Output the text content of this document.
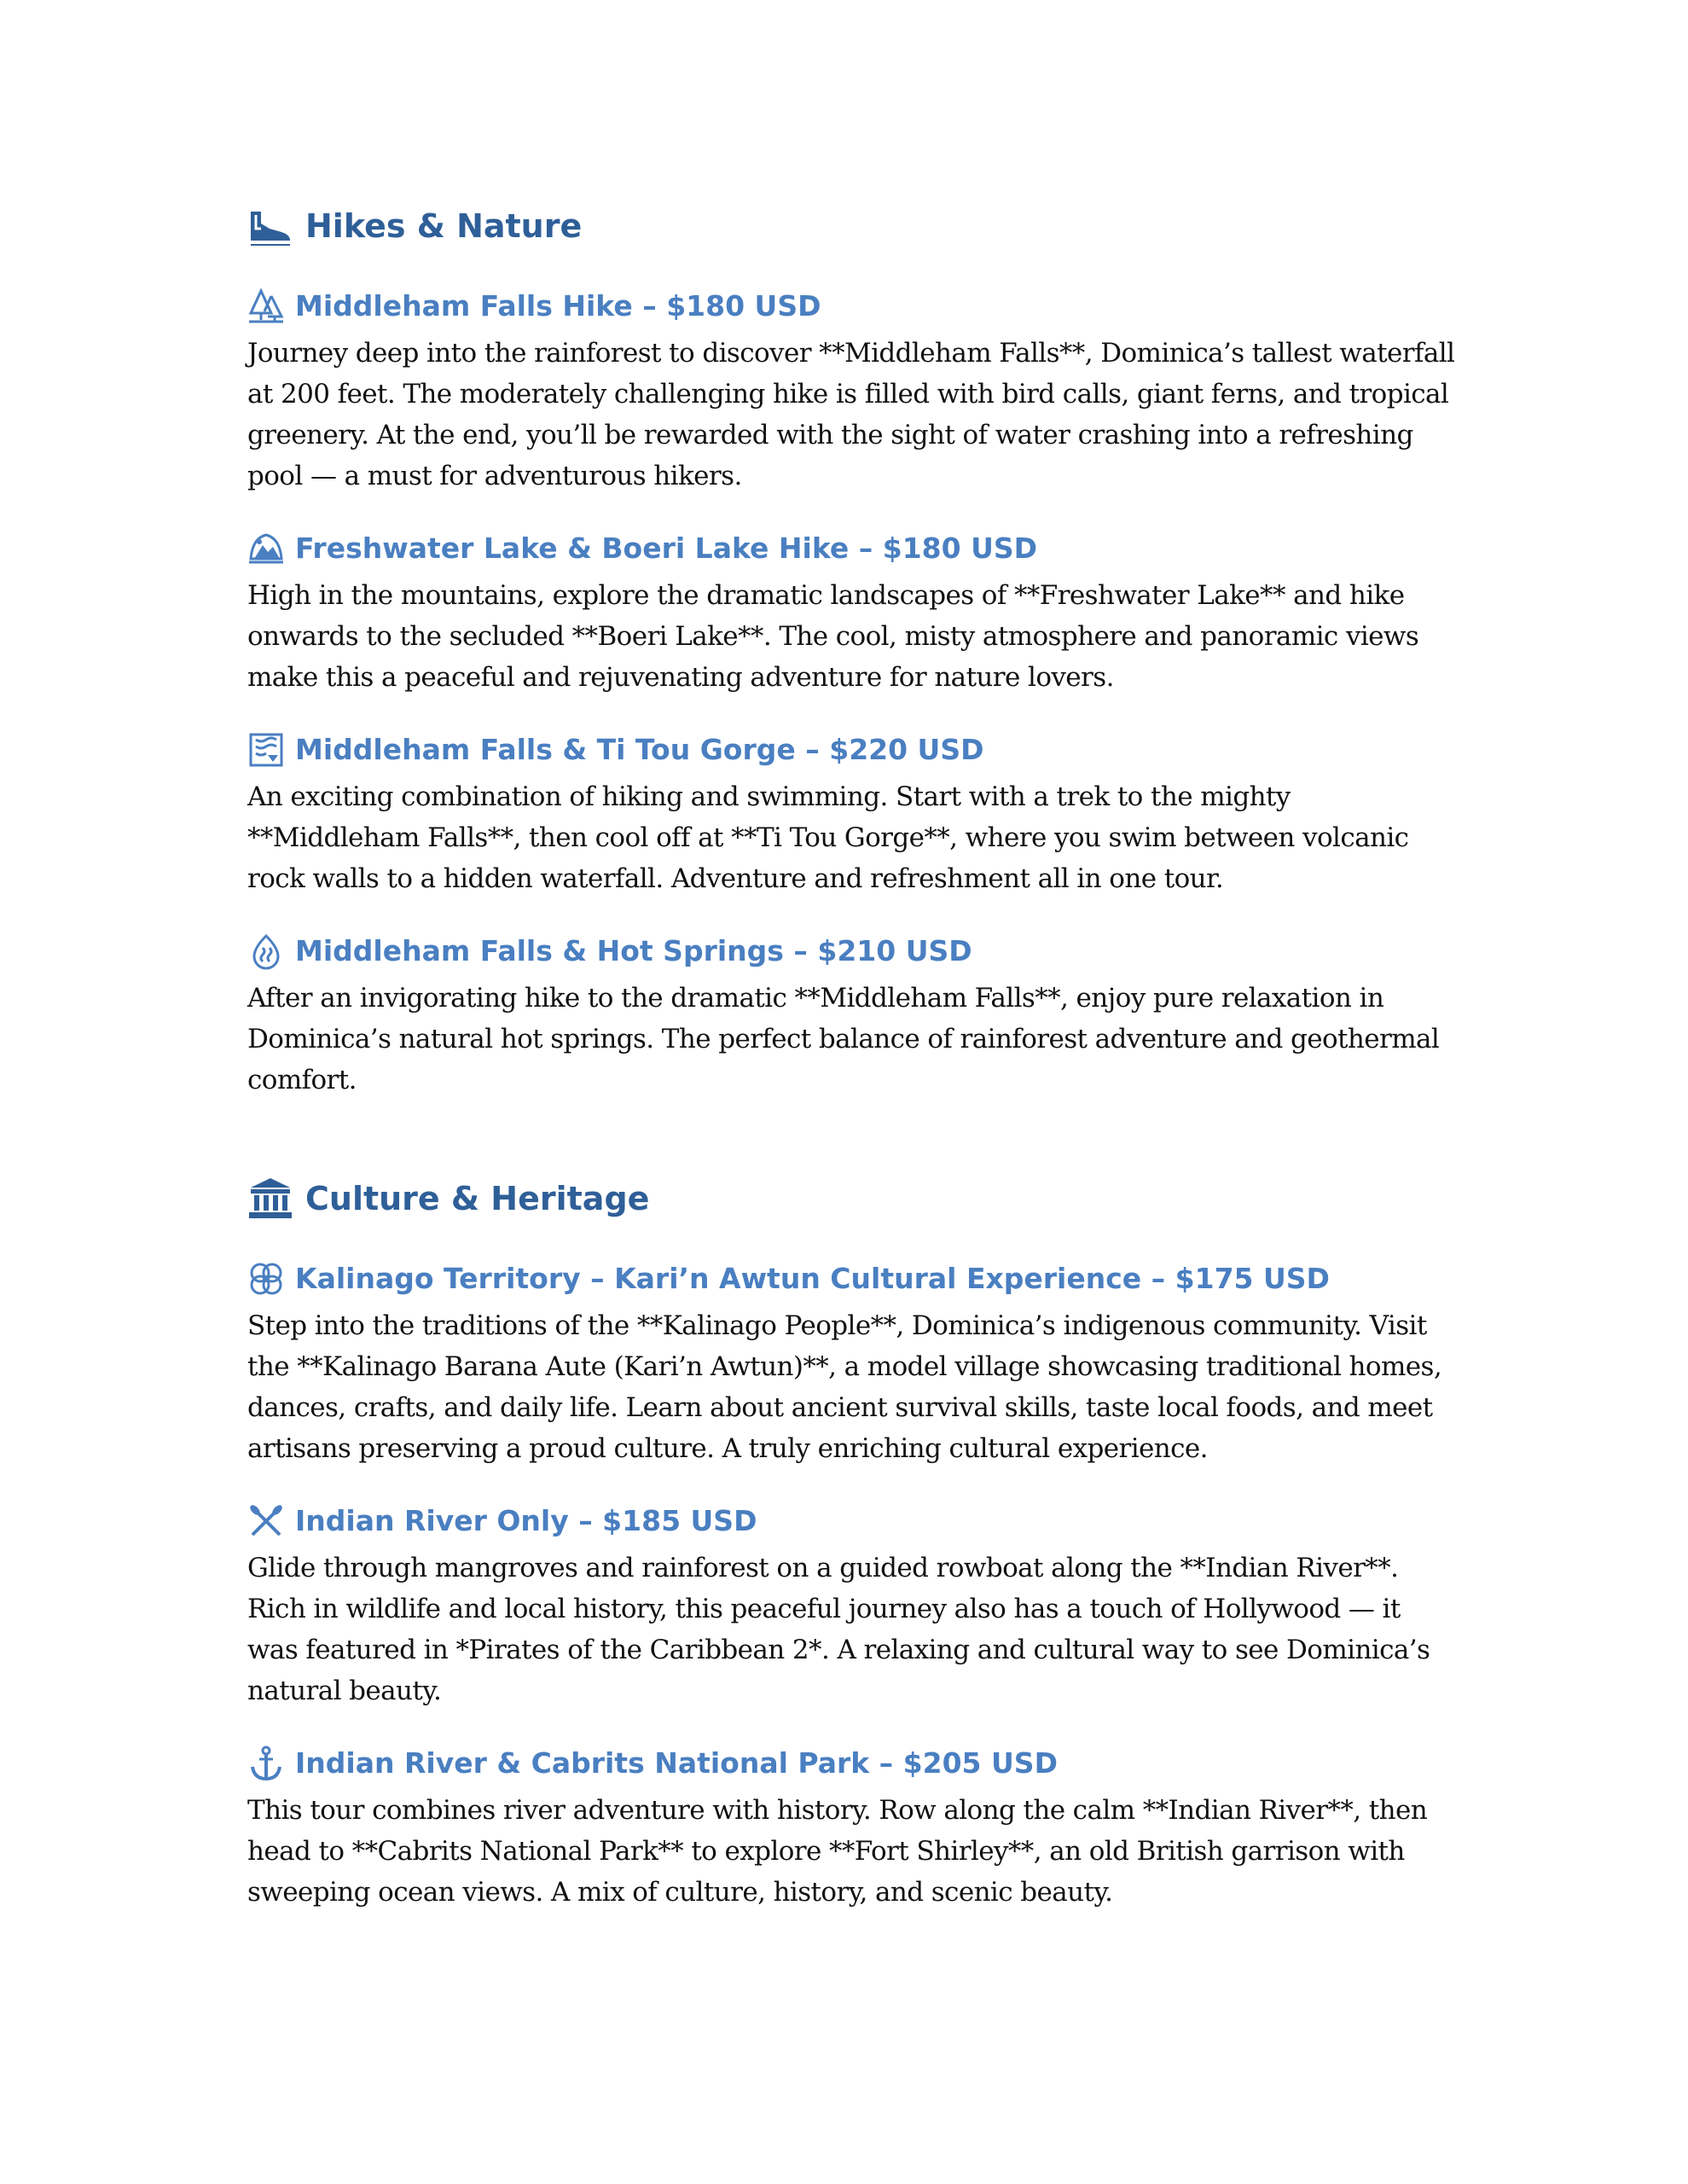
Hikes & Nature
Middleham Falls Hike – $180 USD

Journey deep into the rainforest to discover **Middleham Falls**, Dominica’s tallest waterfall at 200 feet. The moderately challenging hike is filled with bird calls, giant ferns, and tropical greenery. At the end, you’ll be rewarded with the sight of water crashing into a refreshing pool — a must for adventurous hikers.

Freshwater Lake & Boeri Lake Hike – $180 USD

High in the mountains, explore the dramatic landscapes of **Freshwater Lake** and hike onwards to the secluded **Boeri Lake**. The cool, misty atmosphere and panoramic views make this a peaceful and rejuvenating adventure for nature lovers.

Middleham Falls & Ti Tou Gorge – $220 USD

An exciting combination of hiking and swimming. Start with a trek to the mighty **Middleham Falls**, then cool off at **Ti Tou Gorge**, where you swim between volcanic rock walls to a hidden waterfall. Adventure and refreshment all in one tour.

Middleham Falls & Hot Springs – $210 USD

After an invigorating hike to the dramatic **Middleham Falls**, enjoy pure relaxation in Dominica’s natural hot springs. The perfect balance of rainforest adventure and geothermal comfort.

Culture & Heritage
Kalinago Territory – Kari’n Awtun Cultural Experience – $175 USD

Step into the traditions of the **Kalinago People**, Dominica’s indigenous community. Visit the **Kalinago Barana Aute (Kari’n Awtun)**, a model village showcasing traditional homes, dances, crafts, and daily life. Learn about ancient survival skills, taste local foods, and meet artisans preserving a proud culture. A truly enriching cultural experience.

Indian River Only – $185 USD

Glide through mangroves and rainforest on a guided rowboat along the **Indian River**. Rich in wildlife and local history, this peaceful journey also has a touch of Hollywood — it was featured in *Pirates of the Caribbean 2*. A relaxing and cultural way to see Dominica’s natural beauty.

Indian River & Cabrits National Park – $205 USD

This tour combines river adventure with history. Row along the calm **Indian River**, then head to **Cabrits National Park** to explore **Fort Shirley**, an old British garrison with sweeping ocean views. A mix of culture, history, and scenic beauty.
